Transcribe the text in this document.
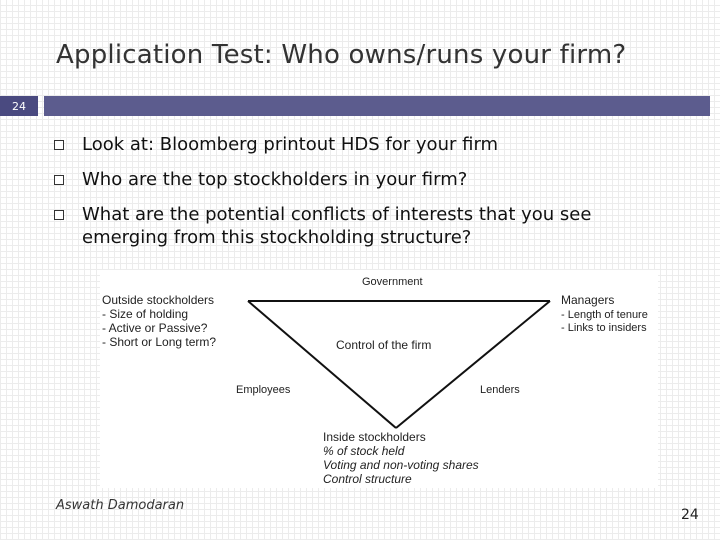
Application Test: Who owns/runs your firm?
24
Look at: Bloomberg printout HDS for your firm
Who are the top stockholders in your firm?
What are the potential conflicts of interests that you see emerging from this stockholding structure?
Government
Control of the firm
Employees	Lenders
Outside stockholders
- Size of holding
- Active or Passive?
- Short or Long term?
Managers
- Length of tenure
- Links to insiders
Inside stockholders
% of stock held
Voting and non-voting shares
Control structure
Aswath Damodaran
24
